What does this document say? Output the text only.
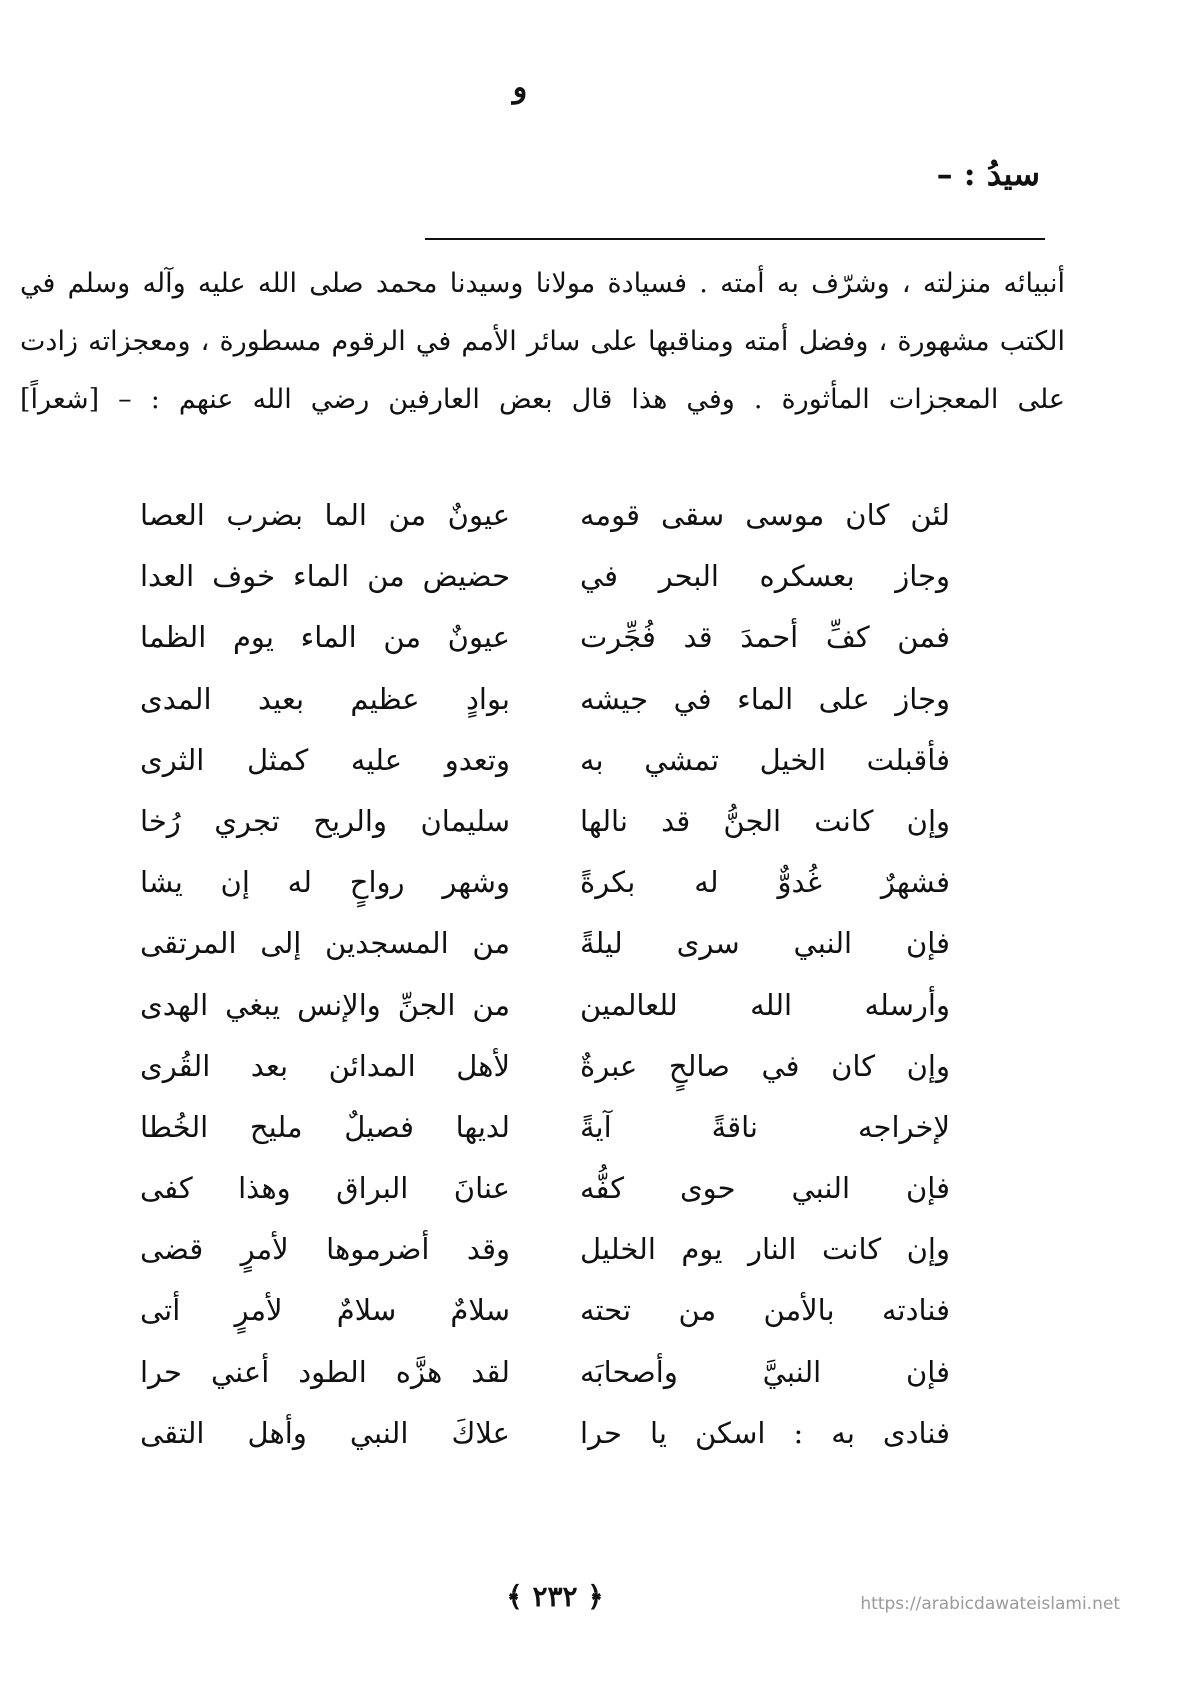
و
سيدُ : –
أنبيائه منزلته ، وشرّف به أمته . فسيادة مولانا وسيدنا محمد صلى الله عليه وآله وسلم في
الكتب مشهورة ، وفضل أمته ومناقبها على سائر الأمم في الرقوم مسطورة ، ومعجزاته زادت
على المعجزات المأثورة . وفي هذا قال بعض العارفين رضي الله عنهم : – [شعراً]
لئن كان موسى سقى قومه
عيونٌ من الما بضرب العصا
وجاز بعسكره البحر في
حضيض من الماء خوف العدا
فمن كفِّ أحمدَ قد فُجِّرت
عيونٌ من الماء يوم الظما
وجاز على الماء في جيشه
بوادٍ عظيم بعيد المدى
فأقبلت الخيل تمشي به
وتعدو عليه كمثل الثرى
وإن كانت الجنُّ قد نالها
سليمان والريح تجري رُخا
فشهرٌ غُدوٌّ له بكرةً
وشهر رواحٍ له إن يشا
فإن النبي سرى ليلةً
من المسجدين إلى المرتقى
وأرسله الله للعالمين
من الجنِّ والإنس يبغي الهدى
وإن كان في صالحٍ عبرةٌ
لأهل المدائن بعد القُرى
لإخراجه ناقةً آيةً
لديها فصيلٌ مليح الخُطا
فإن النبي حوى كفُّه
عنانَ البراق وهذا كفى
وإن كانت النار يوم الخليل
وقد أضرموها لأمرٍ قضى
فنادته بالأمن من تحته
سلامٌ سلامٌ لأمرٍ أتى
فإن النبيَّ وأصحابَه
لقد هزَّه الطود أعني حرا
فنادى به : اسكن يا حرا
علاكَ النبي وأهل التقى
﴿ ٢٣٢ ﴾	https://arabicdawateislami.net
